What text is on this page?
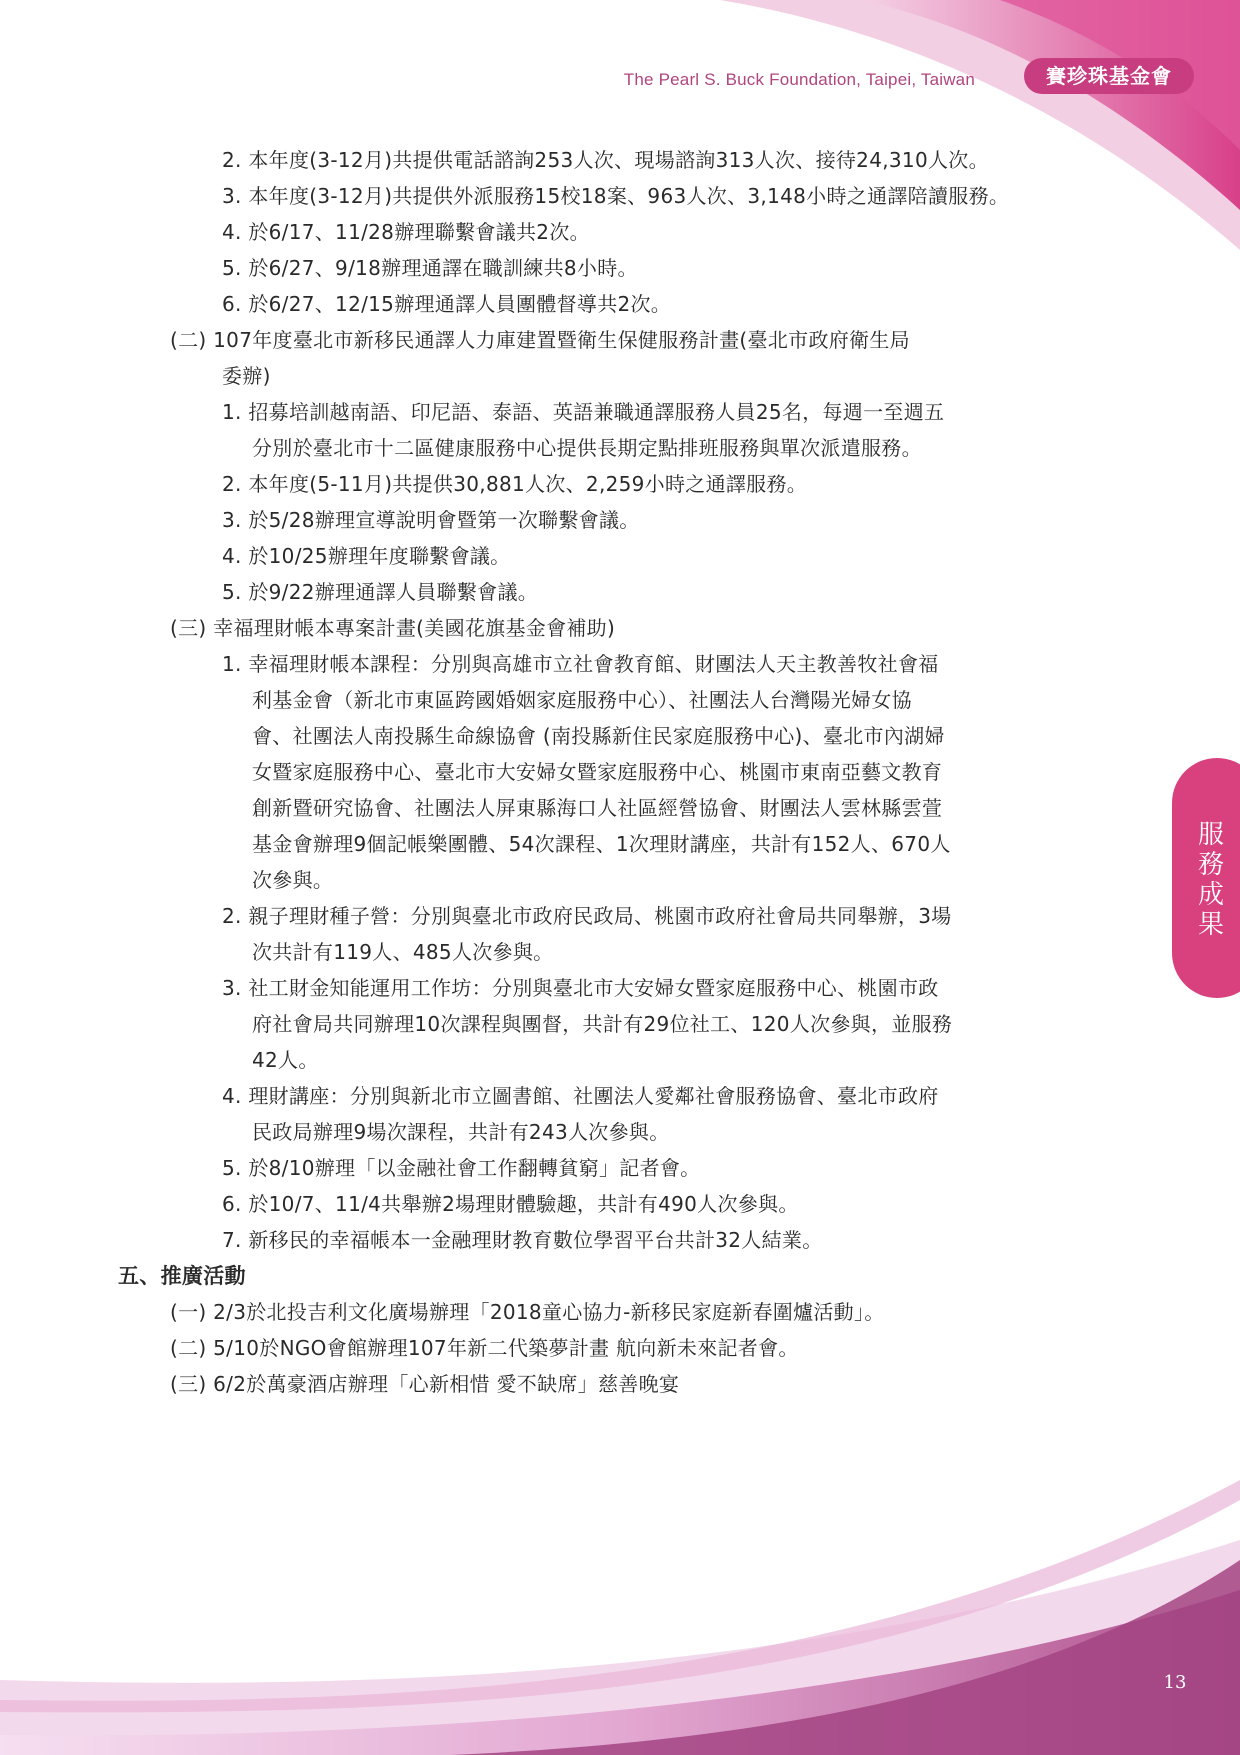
The Pearl S. Buck Foundation, Taipei, Taiwan	賽珍珠基金會
服務成果
13
2. 本年度(3-12月)共提供電話諮詢253人次、現場諮詢313人次、接待24,310人次。
3. 本年度(3-12月)共提供外派服務15校18案、963人次、3,148小時之通譯陪讀服務。
4. 於6/17、11/28辦理聯繫會議共2次。
5. 於6/27、9/18辦理通譯在職訓練共8小時。
6. 於6/27、12/15辦理通譯人員團體督導共2次。
(二) 107年度臺北市新移民通譯人力庫建置暨衛生保健服務計畫(臺北市政府衛生局
委辦)
1. 招募培訓越南語、印尼語、泰語、英語兼職通譯服務人員25名，每週一至週五
分別於臺北市十二區健康服務中心提供長期定點排班服務與單次派遣服務。
2. 本年度(5-11月)共提供30,881人次、2,259小時之通譯服務。
3. 於5/28辦理宣導說明會暨第一次聯繫會議。
4. 於10/25辦理年度聯繫會議。
5. 於9/22辦理通譯人員聯繫會議。
(三) 幸福理財帳本專案計畫(美國花旗基金會補助)
1. 幸福理財帳本課程：分別與高雄市立社會教育館、財團法人天主教善牧社會福
利基金會（新北市東區跨國婚姻家庭服務中心）、社團法人台灣陽光婦女協
會、社團法人南投縣生命線協會 (南投縣新住民家庭服務中心)、臺北市內湖婦
女暨家庭服務中心、臺北市大安婦女暨家庭服務中心、桃園市東南亞藝文教育
創新暨研究協會、社團法人屏東縣海口人社區經營協會、財團法人雲林縣雲萱
基金會辦理9個記帳樂團體、54次課程、1次理財講座，共計有152人、670人
次參與。
2. 親子理財種子營：分別與臺北市政府民政局、桃園市政府社會局共同舉辦，3場
次共計有119人、485人次參與。
3. 社工財金知能運用工作坊：分別與臺北市大安婦女暨家庭服務中心、桃園市政
府社會局共同辦理10次課程與團督，共計有29位社工、120人次參與，並服務
42人。
4. 理財講座：分別與新北市立圖書館、社團法人愛鄰社會服務協會、臺北市政府
民政局辦理9場次課程，共計有243人次參與。
5. 於8/10辦理「以金融社會工作翻轉貧窮」記者會。
6. 於10/7、11/4共舉辦2場理財體驗趣，共計有490人次參與。
7. 新移民的幸福帳本一金融理財教育數位學習平台共計32人結業。
五、推廣活動
(一) 2/3於北投吉利文化廣場辦理「2018童心協力-新移民家庭新春圍爐活動」。
(二) 5/10於NGO會館辦理107年新二代築夢計畫 航向新未來記者會。
(三) 6/2於萬豪酒店辦理「心新相惜 愛不缺席」慈善晚宴
